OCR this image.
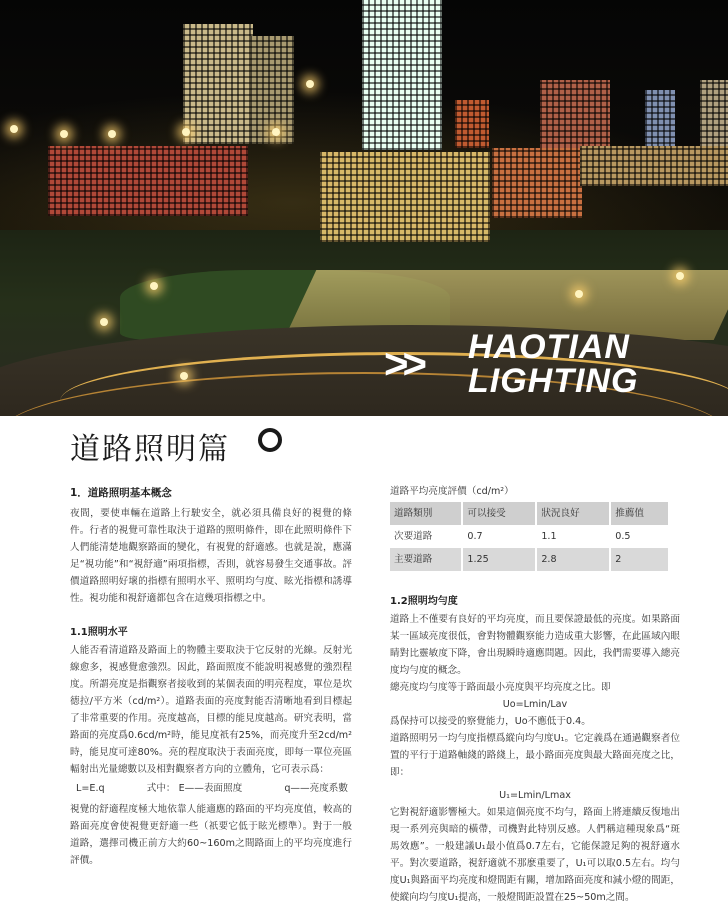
>> HAOTIAN
LIGHTING
道路照明篇
1．道路照明基本概念

夜間，要使車輛在道路上行駛安全，就必須具備良好的視覺的條件。行者的視覺可靠性取決于道路的照明條件，即在此照明條件下人們能清楚地觀察路面的變化，有視覺的舒適感。也就是說，應滿足“視功能”和“視舒適”兩項指標，否則，就容易發生交通事故。評價道路照明好壞的指標有照明水平、照明均勻度、眩光指標和誘導性。視功能和視舒適都包含在這幾項指標之中。

1.1照明水平

人能否看清道路及路面上的物體主要取決于它反射的光線。反射光線愈多，視感覺愈強烈。因此，路面照度不能說明視感覺的強烈程度。所謂亮度是指觀察者接收到的某個表面的明亮程度，單位是坎德拉/平方米（cd/m²）。道路表面的亮度對能否清晰地看到目標起了非常重要的作用。亮度越高，目標的能見度越高。研究表明，當路面的亮度爲0.6cd/m²時，能見度祇有25%，而亮度升至2cd/m²時，能見度可達80%。亮的程度取決于表面亮度，即每一單位亮區輻射出光量總數以及相對觀察者方向的立體角，它可表示爲：

L=E.q	式中： E——表面照度	q——亮度系數

視覺的舒適程度極大地依靠人能適應的路面的平均亮度值，較高的路面亮度會使視覺更舒適一些（祇要它低于眩光標準）。對于一般道路，選擇司機正前方大約60~160m之間路面上的平均亮度進行評價。

道路平均亮度評價（cd/m²）
道路類別	可以接受	狀況良好	推薦值
次要道路	0.7	1.1	0.5
主要道路	1.25	2.8	2
1.2照明均勻度

道路上不僅要有良好的平均亮度，而且要保證最低的亮度。如果路面某一區域亮度很低，會對物體觀察能力造成重大影響，在此區域內眼睛對比靈敏度下降，會出現瞬時適應問題。因此，我們需要導入總亮度均勻度的概念。

總亮度均勻度等于路面最小亮度與平均亮度之比。即

Uo=Lmin/Lav

爲保持可以接受的察覺能力，Uo不應低于0.4。

道路照明另一均勻度指標爲縱向均勻度U₁。它定義爲在通過觀察者位置的平行于道路軸綫的路綫上，最小路面亮度與最大路面亮度之比，即：

U₁=Lmin/Lmax

它對視舒適影響極大。如果這個亮度不均勻，路面上將連續反復地出現一系列亮與暗的橫帶，司機對此特別反感。人們稱這種現象爲“斑馬效應”。一般建議U₁最小值爲0.7左右，它能保證足夠的視舒適水平。對次要道路，視舒適就不那麽重要了，U₁可以取0.5左右。均勻度U₁與路面平均亮度和燈間距有關，增加路面亮度和減小燈的間距，使縱向均勻度U₁提高，一般燈間距設置在25~50m之間。
